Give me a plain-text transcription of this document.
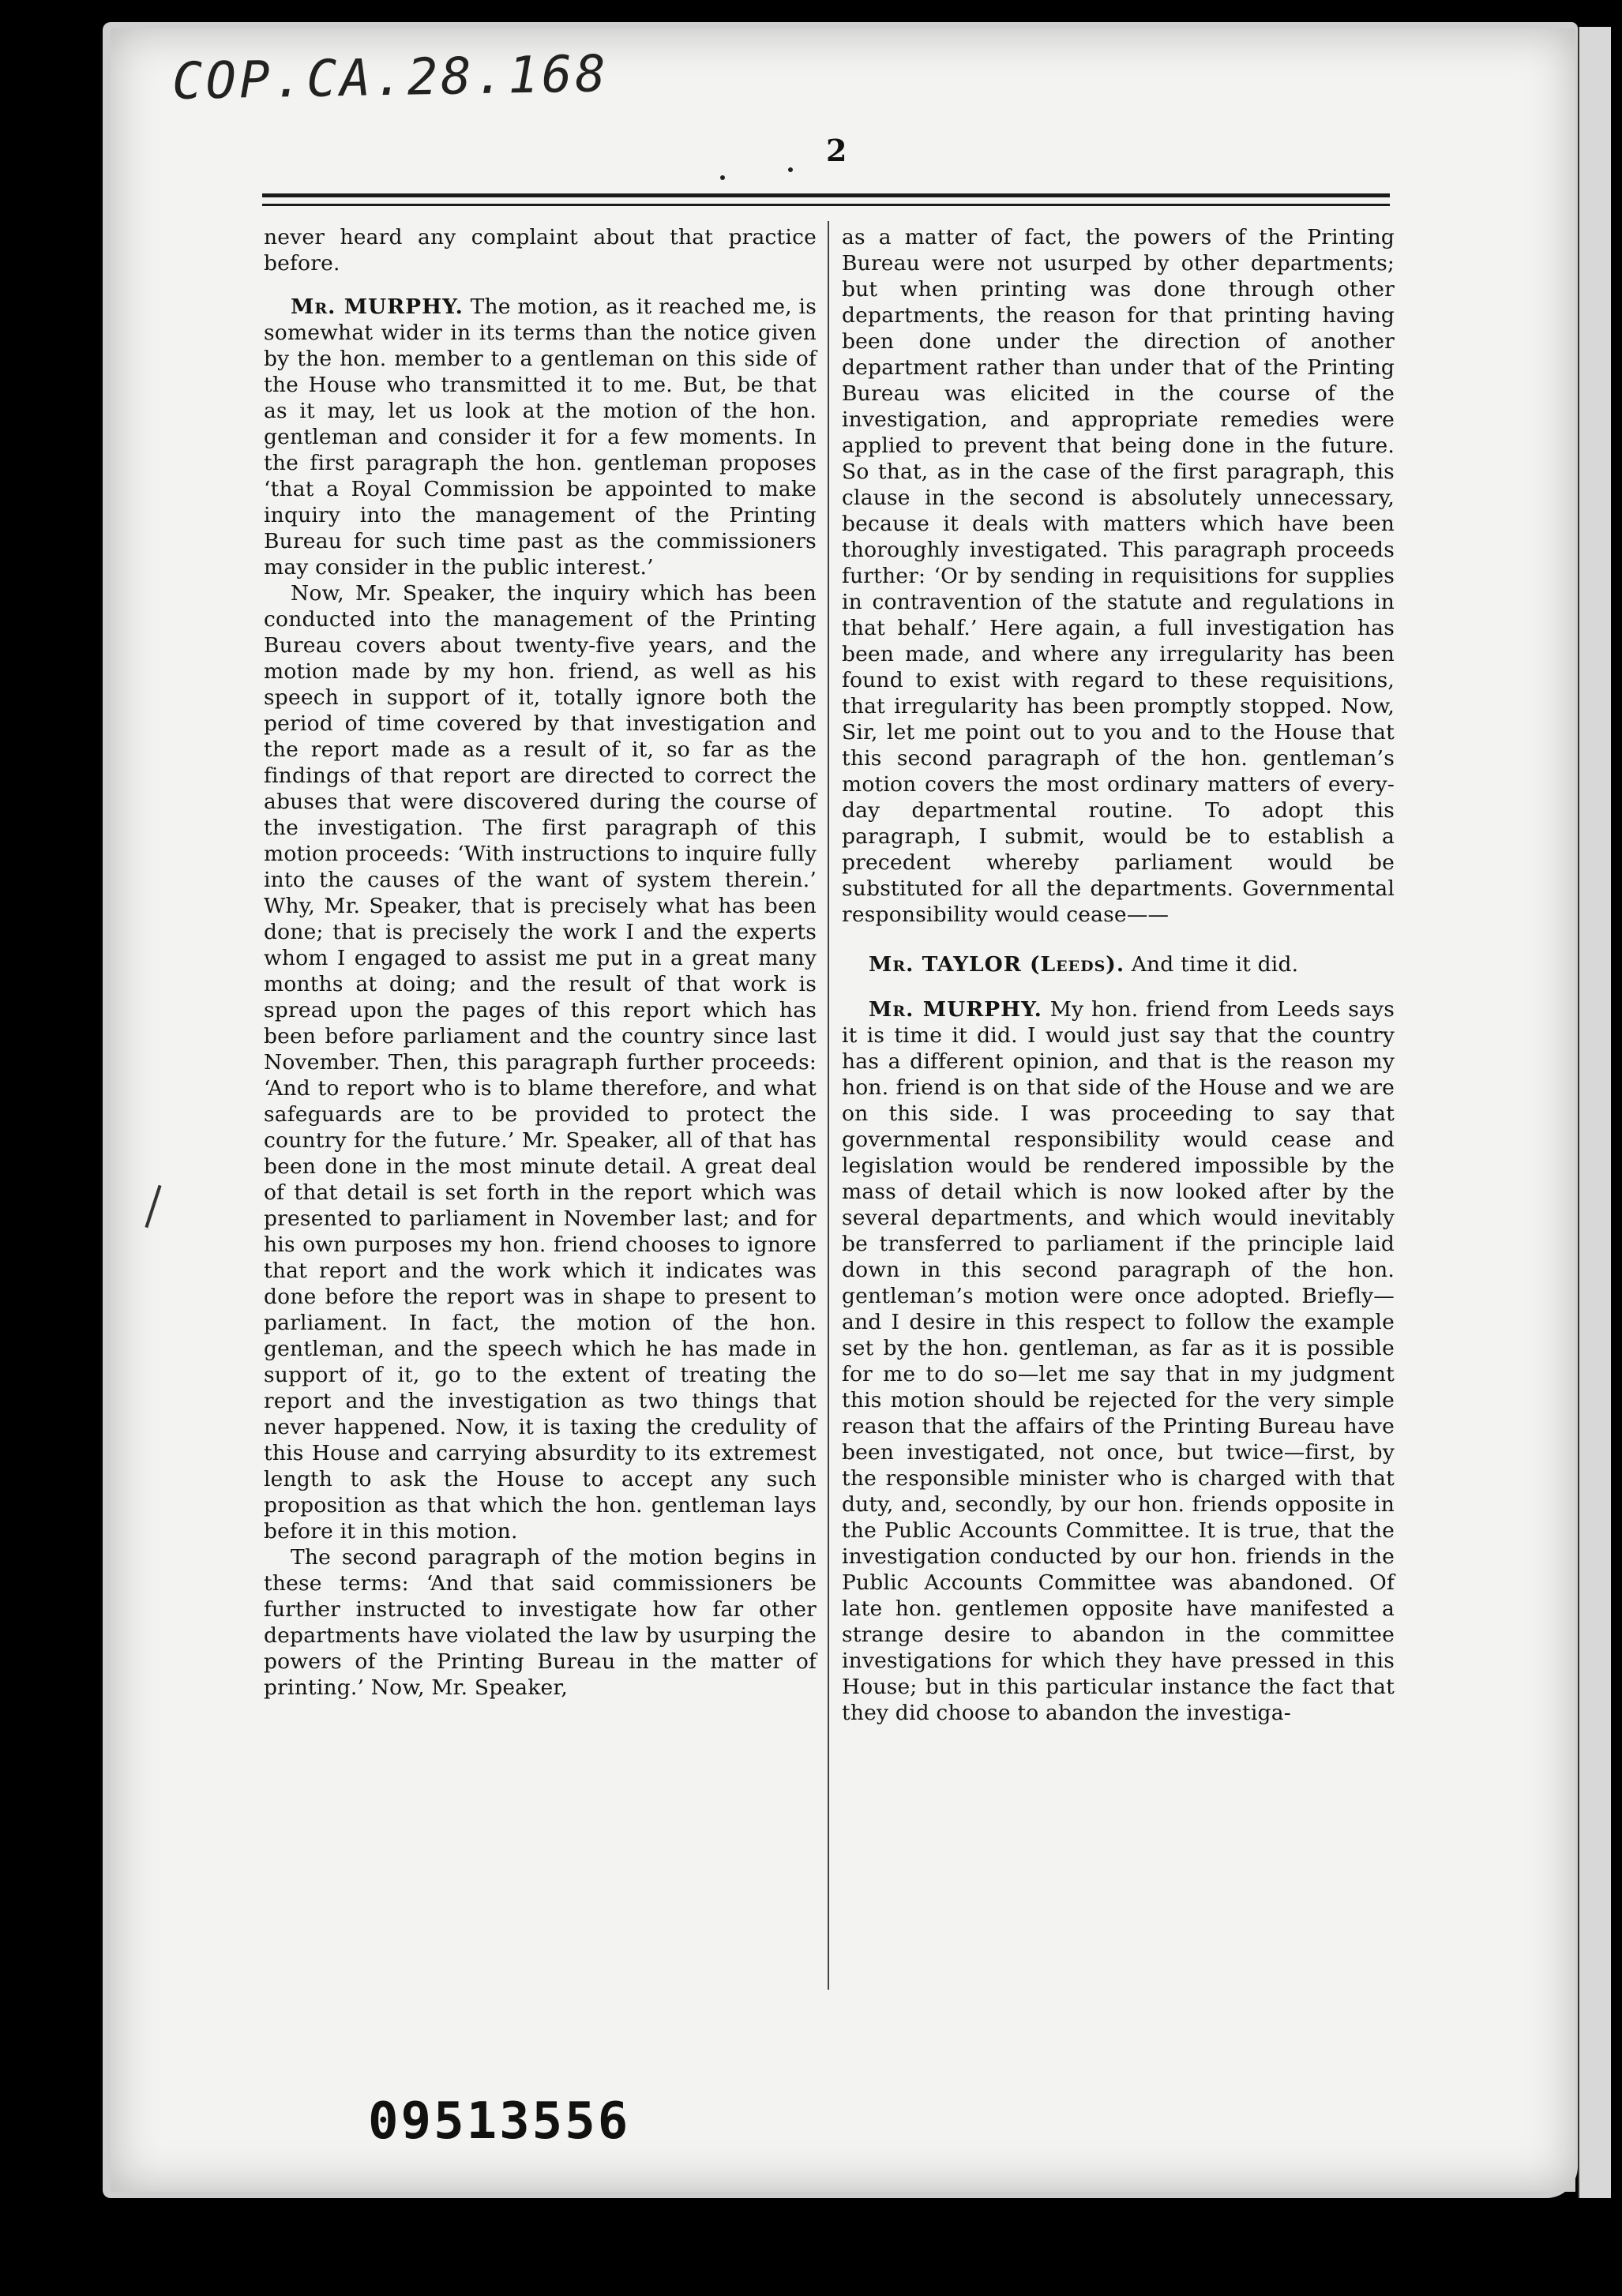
COP.CA.28.168
2

never heard any complaint about that practice before.

Mr. MURPHY. The motion, as it reached me, is somewhat wider in its terms than the notice given by the hon. member to a gentleman on this side of the House who transmitted it to me. But, be that as it may, let us look at the motion of the hon. gentleman and consider it for a few moments. In the first paragraph the hon. gentleman proposes ‘that a Royal Commission be appointed to make inquiry into the management of the Printing Bureau for such time past as the commissioners may consider in the public interest.’

Now, Mr. Speaker, the inquiry which has been conducted into the management of the Printing Bureau covers about twenty-five years, and the motion made by my hon. friend, as well as his speech in support of it, totally ignore both the period of time covered by that investigation and the report made as a result of it, so far as the findings of that report are directed to correct the abuses that were discovered during the course of the investigation. The first paragraph of this motion proceeds: ‘With instructions to inquire fully into the causes of the want of system therein.’ Why, Mr. Speaker, that is precisely what has been done; that is precisely the work I and the experts whom I engaged to assist me put in a great many months at doing; and the result of that work is spread upon the pages of this report which has been before parliament and the country since last November. Then, this paragraph further proceeds: ‘And to report who is to blame therefore, and what safeguards are to be provided to protect the country for the future.’ Mr. Speaker, all of that has been done in the most minute detail. A great deal of that detail is set forth in the report which was presented to parliament in November last; and for his own purposes my hon. friend chooses to ignore that report and the work which it indicates was done before the report was in shape to present to parliament. In fact, the motion of the hon. gentleman, and the speech which he has made in support of it, go to the extent of treating the report and the investigation as two things that never happened. Now, it is taxing the credulity of this House and carrying absurdity to its extremest length to ask the House to accept any such proposition as that which the hon. gentleman lays before it in this motion.

The second paragraph of the motion begins in these terms: ‘And that said commissioners be further instructed to investigate how far other departments have violated the law by usurping the powers of the Printing Bureau in the matter of printing.’ Now, Mr. Speaker,

as a matter of fact, the powers of the Printing Bureau were not usurped by other departments; but when printing was done through other departments, the reason for that printing having been done under the direction of another department rather than under that of the Printing Bureau was elicited in the course of the investigation, and appropriate remedies were applied to prevent that being done in the future. So that, as in the case of the first paragraph, this clause in the second is absolutely unnecessary, because it deals with matters which have been thoroughly investigated. This paragraph proceeds further: ‘Or by sending in requisitions for supplies in contravention of the statute and regulations in that behalf.’ Here again, a full investigation has been made, and where any irregularity has been found to exist with regard to these requisitions, that irregularity has been promptly stopped. Now, Sir, let me point out to you and to the House that this second paragraph of the hon. gentleman’s motion covers the most ordinary matters of every-day departmental routine. To adopt this paragraph, I submit, would be to establish a precedent whereby parliament would be substituted for all the departments. Governmental responsibility would cease——

Mr. TAYLOR (Leeds). And time it did.

Mr. MURPHY. My hon. friend from Leeds says it is time it did. I would just say that the country has a different opinion, and that is the reason my hon. friend is on that side of the House and we are on this side. I was proceeding to say that governmental responsibility would cease and legislation would be rendered impossible by the mass of detail which is now looked after by the several departments, and which would inevitably be transferred to parliament if the principle laid down in this second paragraph of the hon. gentleman’s motion were once adopted. Briefly—and I desire in this respect to follow the example set by the hon. gentleman, as far as it is possible for me to do so—let me say that in my judgment this motion should be rejected for the very simple reason that the affairs of the Printing Bureau have been investigated, not once, but twice—first, by the responsible minister who is charged with that duty, and, secondly, by our hon. friends opposite in the Public Accounts Committee. It is true, that the investigation conducted by our hon. friends in the Public Accounts Committee was abandoned. Of late hon. gentlemen opposite have manifested a strange desire to abandon in the committee investigations for which they have pressed in this House; but in this particular instance the fact that they did choose to abandon the investiga-

09513556
